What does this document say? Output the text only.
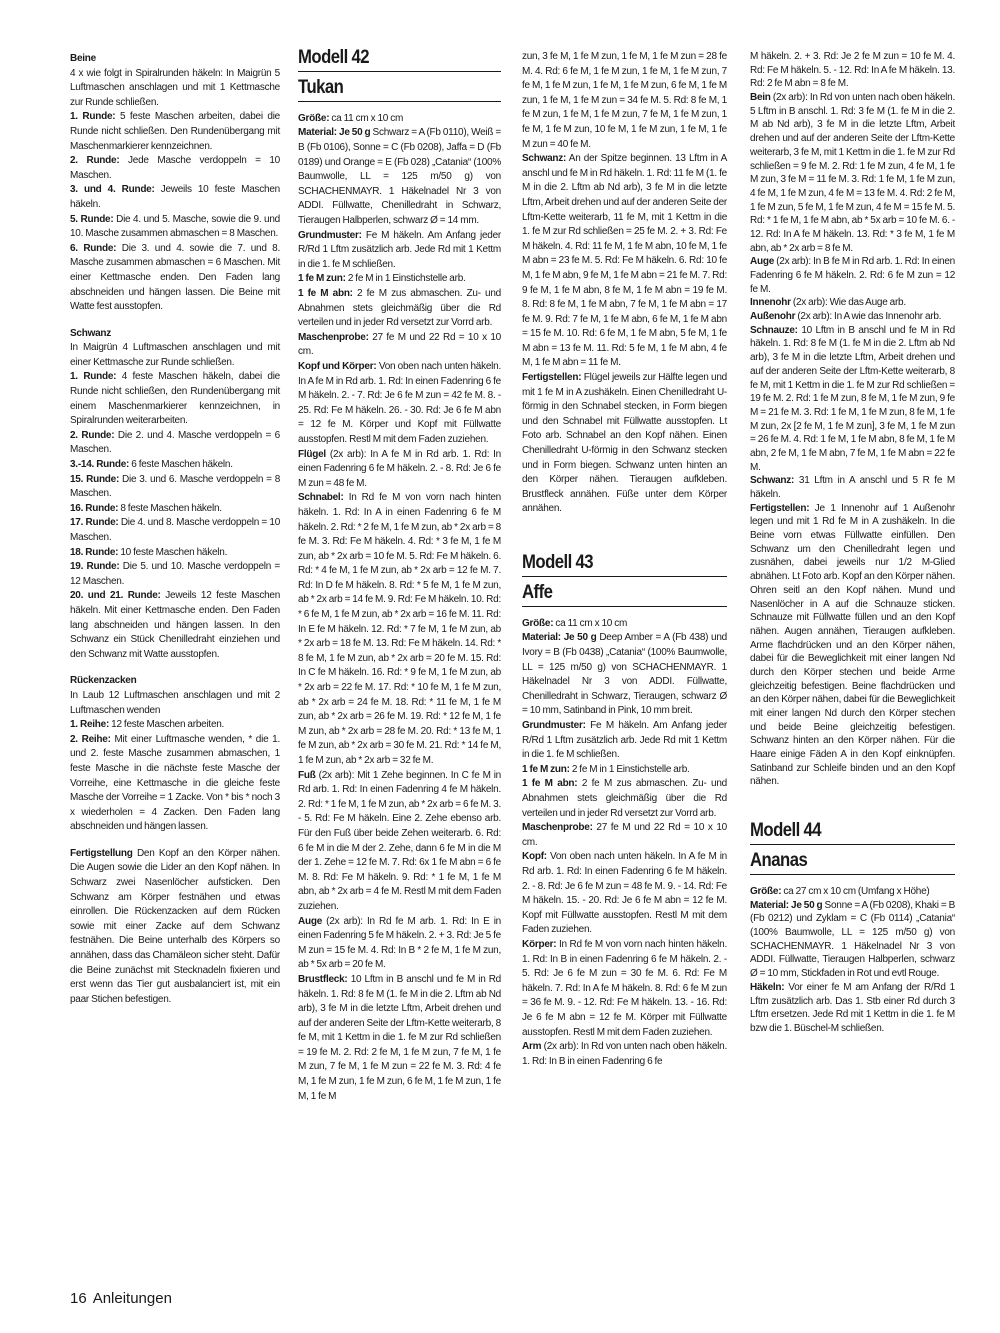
Beine
4 x wie folgt in Spiralrunden häkeln: In Maigrün 5 Luftmaschen anschlagen und mit 1 Kettmasche zur Runde schließen.

1. Runde: 5 feste Maschen arbeiten, dabei die Runde nicht schließen. Den Rundenübergang mit Maschenmarkierer kennzeichnen.

2. Runde: Jede Masche verdoppeln = 10 Maschen.

3. und 4. Runde: Jeweils 10 feste Maschen häkeln.

5. Runde: Die 4. und 5. Masche, sowie die 9. und 10. Masche zusammen abmaschen = 8 Maschen.

6. Runde: Die 3. und 4. sowie die 7. und 8. Masche zusammen abmaschen = 6 Maschen. Mit einer Kettmasche enden. Den Faden lang abschneiden und hängen lassen. Die Beine mit Watte fest ausstopfen.

Schwanz
In Maigrün 4 Luftmaschen anschlagen und mit einer Kettmasche zur Runde schließen.

1. Runde: 4 feste Maschen häkeln, dabei die Runde nicht schließen, den Rundenübergang mit einem Maschenmarkierer kennzeichnen, in Spiralrunden weiterarbeiten.

2. Runde: Die 2. und 4. Masche verdoppeln = 6 Maschen.

3.-14. Runde: 6 feste Maschen häkeln.

15. Runde: Die 3. und 6. Masche verdoppeln = 8 Maschen.

16. Runde: 8 feste Maschen häkeln.

17. Runde: Die 4. und 8. Masche verdoppeln = 10 Maschen.

18. Runde: 10 feste Maschen häkeln.

19. Runde: Die 5. und 10. Masche verdoppeln = 12 Maschen.

20. und 21. Runde: Jeweils 12 feste Maschen häkeln. Mit einer Kettmasche enden. Den Faden lang abschneiden und hängen lassen. In den Schwanz ein Stück Chenilledraht einziehen und den Schwanz mit Watte ausstopfen.

Rückenzacken
In Laub 12 Luftmaschen anschlagen und mit 2 Luftmaschen wenden

1. Reihe: 12 feste Maschen arbeiten.

2. Reihe: Mit einer Luftmasche wenden, * die 1. und 2. feste Masche zusammen abmaschen, 1 feste Masche in die nächste feste Masche der Vorreihe, eine Kettmasche in die gleiche feste Masche der Vorreihe = 1 Zacke. Von * bis * noch 3 x wiederholen = 4 Zacken. Den Faden lang abschneiden und hängen lassen.

Fertigstellung Den Kopf an den Körper nähen. Die Augen sowie die Lider an den Kopf nähen. In Schwarz zwei Nasenlöcher aufsticken. Den Schwanz am Körper festnähen und etwas einrollen. Die Rückenzacken auf dem Rücken sowie mit einer Zacke auf dem Schwanz festnähen. Die Beine unterhalb des Körpers so annähen, dass das Chamäleon sicher steht. Dafür die Beine zunächst mit Stecknadeln fixieren und erst wenn das Tier gut ausbalanciert ist, mit ein paar Stichen befestigen.

Modell 42
Tukan

Größe: ca 11 cm x 10 cm

Material: Je 50 g Schwarz = A (Fb 0110), Weiß = B (Fb 0106), Sonne = C (Fb 0208), Jaffa = D (Fb 0189) und Orange = E (Fb 028) „Catania“ (100% Baumwolle, LL = 125 m/50 g) von SCHACHENMAYR. 1 Häkelnadel Nr 3 von ADDI. Füllwatte, Chenilledraht in Schwarz, Tieraugen Halbperlen, schwarz Ø = 14 mm.

Grundmuster: Fe M häkeln. Am Anfang jeder R/Rd 1 Lftm zusätzlich arb. Jede Rd mit 1 Kettm in die 1. fe M schließen.

1 fe M zun: 2 fe M in 1 Einstichstelle arb.

1 fe M abn: 2 fe M zus abmaschen. Zu- und Abnahmen stets gleichmäßig über die Rd verteilen und in jeder Rd versetzt zur Vorrd arb.

Maschenprobe: 27 fe M und 22 Rd = 10 x 10 cm.

Kopf und Körper: Von oben nach unten häkeln. In A fe M in Rd arb. 1. Rd: In einen Fadenring 6 fe M häkeln. 2. - 7. Rd: Je 6 fe M zun = 42 fe M. 8. - 25. Rd: Fe M häkeln. 26. - 30. Rd: Je 6 fe M abn = 12 fe M. Körper und Kopf mit Füllwatte ausstopfen. Restl M mit dem Faden zuziehen.

Flügel (2x arb): In A fe M in Rd arb. 1. Rd: In einen Fadenring 6 fe M häkeln. 2. - 8. Rd: Je 6 fe M zun = 48 fe M.

Schnabel: In Rd fe M von vorn nach hinten häkeln. 1. Rd: In A in einen Fadenring 6 fe M häkeln. 2. Rd: * 2 fe M, 1 fe M zun, ab * 2x arb = 8 fe M. 3. Rd: Fe M häkeln. 4. Rd: * 3 fe M, 1 fe M zun, ab * 2x arb = 10 fe M. 5. Rd: Fe M häkeln. 6. Rd: * 4 fe M, 1 fe M zun, ab * 2x arb = 12 fe M. 7. Rd: In D fe M häkeln. 8. Rd: * 5 fe M, 1 fe M zun, ab * 2x arb = 14 fe M. 9. Rd: Fe M häkeln. 10. Rd: * 6 fe M, 1 fe M zun, ab * 2x arb = 16 fe M. 11. Rd: In E fe M häkeln. 12. Rd: * 7 fe M, 1 fe M zun, ab * 2x arb = 18 fe M. 13. Rd: Fe M häkeln. 14. Rd: * 8 fe M, 1 fe M zun, ab * 2x arb = 20 fe M. 15. Rd: In C fe M häkeln. 16. Rd: * 9 fe M, 1 fe M zun, ab * 2x arb = 22 fe M. 17. Rd: * 10 fe M, 1 fe M zun, ab * 2x arb = 24 fe M. 18. Rd: * 11 fe M, 1 fe M zun, ab * 2x arb = 26 fe M. 19. Rd: * 12 fe M, 1 fe M zun, ab * 2x arb = 28 fe M. 20. Rd: * 13 fe M, 1 fe M zun, ab * 2x arb = 30 fe M. 21. Rd: * 14 fe M, 1 fe M zun, ab * 2x arb = 32 fe M.

Fuß (2x arb): Mit 1 Zehe beginnen. In C fe M in Rd arb. 1. Rd: In einen Fadenring 4 fe M häkeln. 2. Rd: * 1 fe M, 1 fe M zun, ab * 2x arb = 6 fe M. 3. - 5. Rd: Fe M häkeln. Eine 2. Zehe ebenso arb. Für den Fuß über beide Zehen weiterarb. 6. Rd: 6 fe M in die M der 2. Zehe, dann 6 fe M in die M der 1. Zehe = 12 fe M. 7. Rd: 6x 1 fe M abn = 6 fe M. 8. Rd: Fe M häkeln. 9. Rd: * 1 fe M, 1 fe M abn, ab * 2x arb = 4 fe M. Restl M mit dem Faden zuziehen.

Auge (2x arb): In Rd fe M arb. 1. Rd: In E in einen Fadenring 5 fe M häkeln. 2. + 3. Rd: Je 5 fe M zun = 15 fe M. 4. Rd: In B * 2 fe M, 1 fe M zun, ab * 5x arb = 20 fe M.

Brustfleck: 10 Lftm in B anschl und fe M in Rd häkeln. 1. Rd: 8 fe M (1. fe M in die 2. Lftm ab Nd arb), 3 fe M in die letzte Lftm, Arbeit drehen und auf der anderen Seite der Lftm-Kette weiterarb, 8 fe M, mit 1 Kettm in die 1. fe M zur Rd schließen = 19 fe M. 2. Rd: 2 fe M, 1 fe M zun, 7 fe M, 1 fe M zun, 7 fe M, 1 fe M zun = 22 fe M. 3. Rd: 4 fe M, 1 fe M zun, 1 fe M zun, 6 fe M, 1 fe M zun, 1 fe M, 1 fe M

zun, 3 fe M, 1 fe M zun, 1 fe M, 1 fe M zun = 28 fe M. 4. Rd: 6 fe M, 1 fe M zun, 1 fe M, 1 fe M zun, 7 fe M, 1 fe M zun, 1 fe M, 1 fe M zun, 6 fe M, 1 fe M zun, 1 fe M, 1 fe M zun = 34 fe M. 5. Rd: 8 fe M, 1 fe M zun, 1 fe M, 1 fe M zun, 7 fe M, 1 fe M zun, 1 fe M, 1 fe M zun, 10 fe M, 1 fe M zun, 1 fe M, 1 fe M zun = 40 fe M.

Schwanz: An der Spitze beginnen. 13 Lftm in A anschl und fe M in Rd häkeln. 1. Rd: 11 fe M (1. fe M in die 2. Lftm ab Nd arb), 3 fe M in die letzte Lftm, Arbeit drehen und auf der anderen Seite der Lftm-Kette weiterarb, 11 fe M, mit 1 Kettm in die 1. fe M zur Rd schließen = 25 fe M. 2. + 3. Rd: Fe M häkeln. 4. Rd: 11 fe M, 1 fe M abn, 10 fe M, 1 fe M abn = 23 fe M. 5. Rd: Fe M häkeln. 6. Rd: 10 fe M, 1 fe M abn, 9 fe M, 1 fe M abn = 21 fe M. 7. Rd: 9 fe M, 1 fe M abn, 8 fe M, 1 fe M abn = 19 fe M. 8. Rd: 8 fe M, 1 fe M abn, 7 fe M, 1 fe M abn = 17 fe M. 9. Rd: 7 fe M, 1 fe M abn, 6 fe M, 1 fe M abn = 15 fe M. 10. Rd: 6 fe M, 1 fe M abn, 5 fe M, 1 fe M abn = 13 fe M. 11. Rd: 5 fe M, 1 fe M abn, 4 fe M, 1 fe M abn = 11 fe M.

Fertigstellen: Flügel jeweils zur Hälfte legen und mit 1 fe M in A zushäkeln. Einen Chenilledraht U-förmig in den Schnabel stecken, in Form biegen und den Schnabel mit Füllwatte ausstopfen. Lt Foto arb. Schnabel an den Kopf nähen. Einen Chenilledraht U-förmig in den Schwanz stecken und in Form biegen. Schwanz unten hinten an den Körper nähen. Tieraugen aufkleben. Brustfleck annähen. Füße unter dem Körper annähen.

Modell 43
Affe

Größe: ca 11 cm x 10 cm

Material: Je 50 g Deep Amber = A (Fb 438) und Ivory = B (Fb 0438) „Catania“ (100% Baumwolle, LL = 125 m/50 g) von SCHACHENMAYR. 1 Häkelnadel Nr 3 von ADDI. Füllwatte, Chenilledraht in Schwarz, Tieraugen, schwarz Ø = 10 mm, Satinband in Pink, 10 mm breit.

Grundmuster: Fe M häkeln. Am Anfang jeder R/Rd 1 Lftm zusätzlich arb. Jede Rd mit 1 Kettm in die 1. fe M schließen.

1 fe M zun: 2 fe M in 1 Einstichstelle arb.

1 fe M abn: 2 fe M zus abmaschen. Zu- und Abnahmen stets gleichmäßig über die Rd verteilen und in jeder Rd versetzt zur Vorrd arb.

Maschenprobe: 27 fe M und 22 Rd = 10 x 10 cm.

Kopf: Von oben nach unten häkeln. In A fe M in Rd arb. 1. Rd: In einen Fadenring 6 fe M häkeln. 2. - 8. Rd: Je 6 fe M zun = 48 fe M. 9. - 14. Rd: Fe M häkeln. 15. - 20. Rd: Je 6 fe M abn = 12 fe M. Kopf mit Füllwatte ausstopfen. Restl M mit dem Faden zuziehen.

Körper: In Rd fe M von vorn nach hinten häkeln. 1. Rd: In B in einen Fadenring 6 fe M häkeln. 2. - 5. Rd: Je 6 fe M zun = 30 fe M. 6. Rd: Fe M häkeln. 7. Rd: In A fe M häkeln. 8. Rd: 6 fe M zun = 36 fe M. 9. - 12. Rd: Fe M häkeln. 13. - 16. Rd: Je 6 fe M abn = 12 fe M. Körper mit Füllwatte ausstopfen. Restl M mit dem Faden zuziehen.

Arm (2x arb): In Rd von unten nach oben häkeln. 1. Rd: In B in einen Fadenring 6 fe

M häkeln. 2. + 3. Rd: Je 2 fe M zun = 10 fe M. 4. Rd: Fe M häkeln. 5. - 12. Rd: In A fe M häkeln. 13. Rd: 2 fe M abn = 8 fe M.

Bein (2x arb): In Rd von unten nach oben häkeln. 5 Lftm in B anschl. 1. Rd: 3 fe M (1. fe M in die 2. M ab Nd arb), 3 fe M in die letzte Lftm, Arbeit drehen und auf der anderen Seite der Lftm-Kette weiterarb, 3 fe M, mit 1 Kettm in die 1. fe M zur Rd schließen = 9 fe M. 2. Rd: 1 fe M zun, 4 fe M, 1 fe M zun, 3 fe M = 11 fe M. 3. Rd: 1 fe M, 1 fe M zun, 4 fe M, 1 fe M zun, 4 fe M = 13 fe M. 4. Rd: 2 fe M, 1 fe M zun, 5 fe M, 1 fe M zun, 4 fe M = 15 fe M. 5. Rd: * 1 fe M, 1 fe M abn, ab * 5x arb = 10 fe M. 6. - 12. Rd: In A fe M häkeln. 13. Rd: * 3 fe M, 1 fe M abn, ab * 2x arb = 8 fe M.

Auge (2x arb): In B fe M in Rd arb. 1. Rd: In einen Fadenring 6 fe M häkeln. 2. Rd: 6 fe M zun = 12 fe M.

Innenohr (2x arb): Wie das Auge arb.

Außenohr (2x arb): In A wie das Innenohr arb.

Schnauze: 10 Lftm in B anschl und fe M in Rd häkeln. 1. Rd: 8 fe M (1. fe M in die 2. Lftm ab Nd arb), 3 fe M in die letzte Lftm, Arbeit drehen und auf der anderen Seite der Lftm-Kette weiterarb, 8 fe M, mit 1 Kettm in die 1. fe M zur Rd schließen = 19 fe M. 2. Rd: 1 fe M zun, 8 fe M, 1 fe M zun, 9 fe M = 21 fe M. 3. Rd: 1 fe M, 1 fe M zun, 8 fe M, 1 fe M zun, 2x [2 fe M, 1 fe M zun], 3 fe M, 1 fe M zun = 26 fe M. 4. Rd: 1 fe M, 1 fe M abn, 8 fe M, 1 fe M abn, 2 fe M, 1 fe M abn, 7 fe M, 1 fe M abn = 22 fe M.

Schwanz: 31 Lftm in A anschl und 5 R fe M häkeln.

Fertigstellen: Je 1 Innenohr auf 1 Außenohr legen und mit 1 Rd fe M in A zushäkeln. In die Beine vorn etwas Füllwatte einfüllen. Den Schwanz um den Chenilledraht legen und zusnähen, dabei jeweils nur 1/2 M-Glied abnähen. Lt Foto arb. Kopf an den Körper nähen. Ohren seitl an den Kopf nähen. Mund und Nasenlöcher in A auf die Schnauze sticken. Schnauze mit Füllwatte füllen und an den Kopf nähen. Augen annähen, Tieraugen aufkleben. Arme flachdrücken und an den Körper nähen, dabei für die Beweglichkeit mit einer langen Nd durch den Körper stechen und beide Arme gleichzeitig befestigen. Beine flachdrücken und an den Körper nähen, dabei für die Beweglichkeit mit einer langen Nd durch den Körper stechen und beide Beine gleichzeitig befestigen. Schwanz hinten an den Körper nähen. Für die Haare einige Fäden A in den Kopf einknüpfen. Satinband zur Schleife binden und an den Kopf nähen.

Modell 44
Ananas

Größe: ca 27 cm x 10 cm (Umfang x Höhe)

Material: Je 50 g Sonne = A (Fb 0208), Khaki = B (Fb 0212) und Zyklam = C (Fb 0114) „Catania“ (100% Baumwolle, LL = 125 m/50 g) von SCHACHENMAYR. 1 Häkelnadel Nr 3 von ADDI. Füllwatte, Tieraugen Halbperlen, schwarz Ø = 10 mm, Stickfaden in Rot und evtl Rouge.

Häkeln: Vor einer fe M am Anfang der R/Rd 1 Lftm zusätzlich arb. Das 1. Stb einer Rd durch 3 Lftm ersetzen. Jede Rd mit 1 Kettm in die 1. fe M bzw die 1. Büschel-M schließen.

16 Anleitungen
